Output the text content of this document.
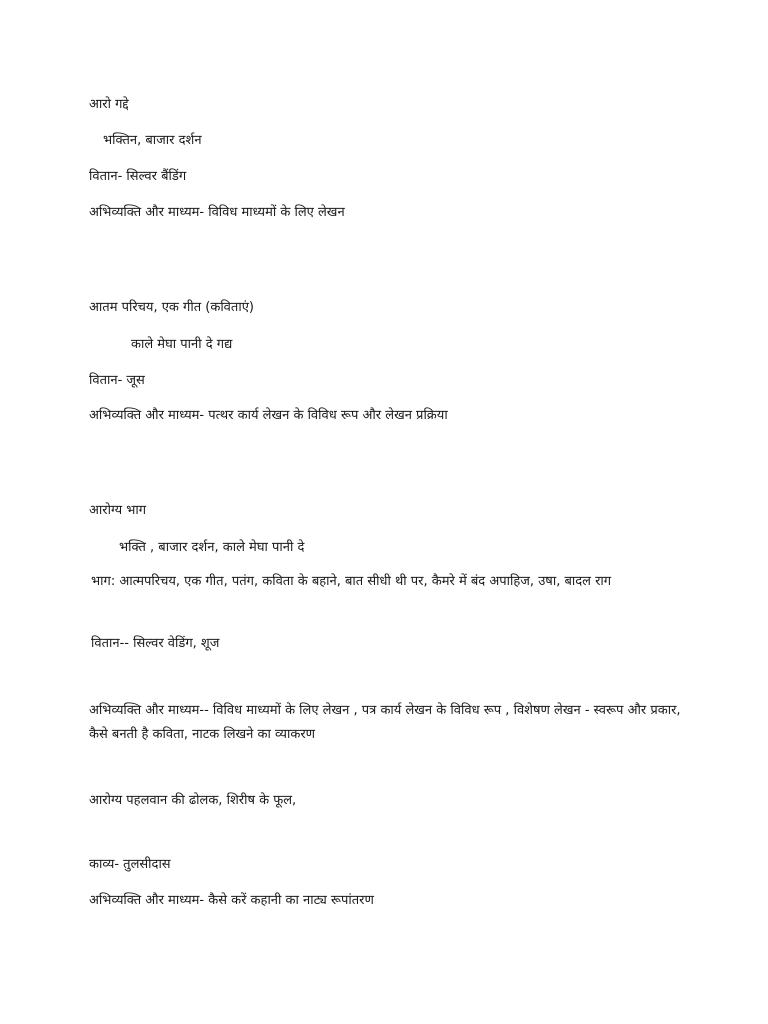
आरो गद्दे
भक्तिन, बाजार दर्शन
वितान- सिल्वर बैंडिंग
अभिव्यक्ति और माध्यम- विविध माध्यमों के लिए लेखन
आतम परिचय, एक गीत (कविताएं)
काले मेघा पानी दे गद्य
वितान- जूस
अभिव्यक्ति और माध्यम- पत्थर कार्य लेखन के विविध रूप और लेखन प्रक्रिया
आरोग्य भाग
भक्ति , बाजार दर्शन, काले मेघा पानी दे
भाग: आत्मपरिचय, एक गीत, पतंग, कविता के बहाने, बात सीधी थी पर, कैमरे में बंद अपाहिज, उषा, बादल राग
वितान-- सिल्वर वेडिंग, शूज
अभिव्यक्ति और माध्यम-- विविध माध्यमों के लिए लेखन , पत्र कार्य लेखन के विविध रूप , विशेषण लेखन - स्वरूप और प्रकार, कैसे बनती है कविता, नाटक लिखने का व्याकरण
आरोग्य पहलवान की ढोलक, शिरीष के फूल,
काव्य- तुलसीदास
अभिव्यक्ति और माध्यम- कैसे करें कहानी का नाट्य रूपांतरण
